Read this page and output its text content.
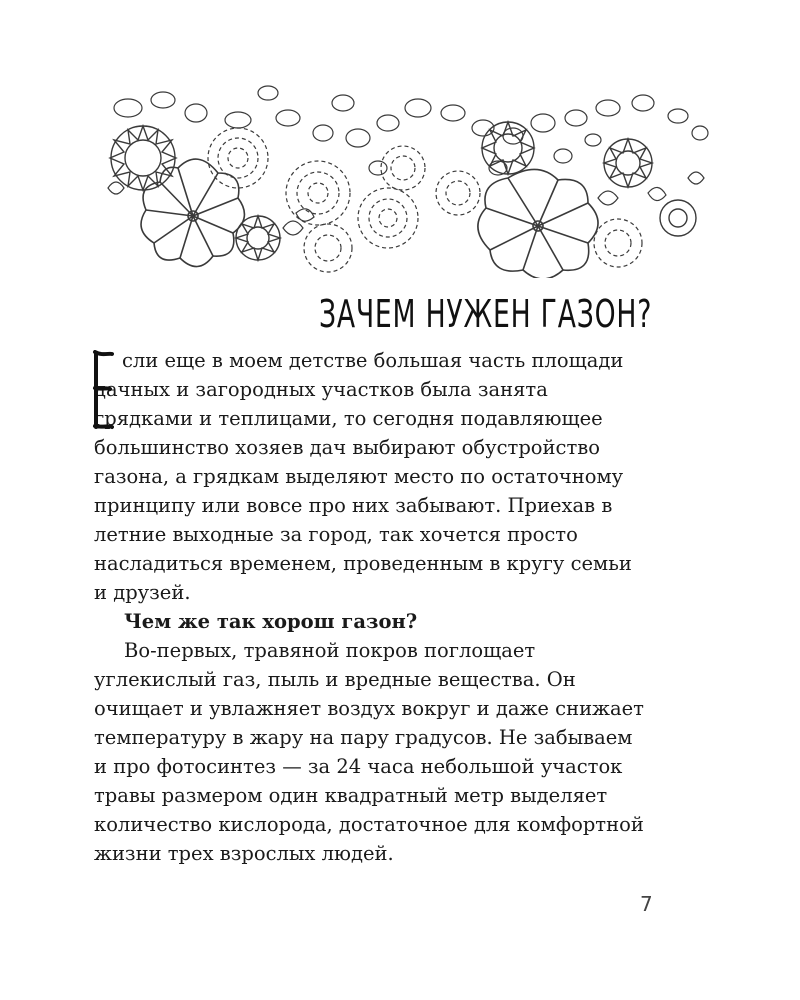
ЗАЧЕМ НУЖЕН ГАЗОН?

сли еще в моем детстве большая часть площади дачных и загородных участков была занята грядками и теплицами, то сегодня подавляющее большинство хозяев дач выбирают обустройство газона, а грядкам выделяют место по остаточному принципу или вовсе про них забывают. Приехав в летние выходные за город, так хочется просто насладиться временем, проведенным в кругу семьи и друзей.

Чем же так хорош газон?

Во-первых, травяной покров поглощает углекислый газ, пыль и вредные вещества. Он очищает и увлажняет воздух вокруг и даже снижает температуру в жару на пару градусов. Не забываем и про фотосинтез — за 24 часа небольшой участок травы размером один квадратный метр выделяет количество кислорода, достаточное для комфортной жизни трех взрослых людей.

7
